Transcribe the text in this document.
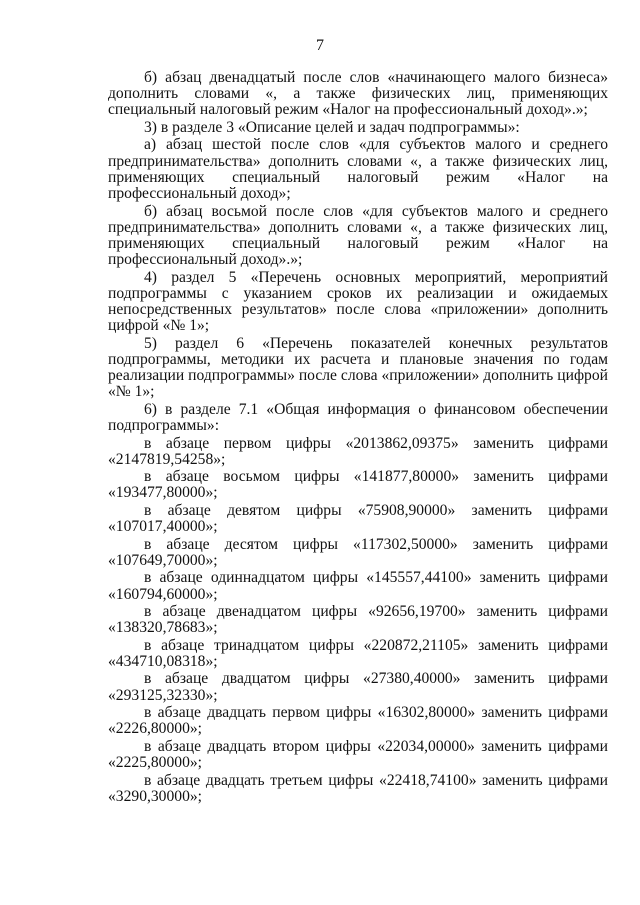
7

б) абзац двенадцатый после слов «начинающего малого бизнеса» дополнить словами «, а также физических лиц, применяющих специальный налоговый режим «Налог на профессиональный доход».»;

3) в разделе 3 «Описание целей и задач подпрограммы»:

а) абзац шестой после слов «для субъектов малого и среднего предпринимательства» дополнить словами «, а также физических лиц, применяющих специальный налоговый режим «Налог на профессиональный доход»;

б) абзац восьмой после слов «для субъектов малого и среднего предпринимательства» дополнить словами «, а также физических лиц, применяющих специальный налоговый режим «Налог на профессиональный доход».»;

4) раздел 5 «Перечень основных мероприятий, мероприятий подпрограммы с указанием сроков их реализации и ожидаемых непосредственных результатов» после слова «приложении» дополнить цифрой «№ 1»;

5) раздел 6 «Перечень показателей конечных результатов подпрограммы, методики их расчета и плановые значения по годам реализации подпрограммы» после слова «приложении» дополнить цифрой «№ 1»;

6) в разделе 7.1 «Общая информация о финансовом обеспечении подпрограммы»:

в абзаце первом цифры «2013862,09375» заменить цифрами «2147819,54258»;

в абзаце восьмом цифры «141877,80000» заменить цифрами «193477,80000»;

в абзаце девятом цифры «75908,90000» заменить цифрами «107017,40000»;

в абзаце десятом цифры «117302,50000» заменить цифрами «107649,70000»;

в абзаце одиннадцатом цифры «145557,44100» заменить цифрами «160794,60000»;

в абзаце двенадцатом цифры «92656,19700» заменить цифрами «138320,78683»;

в абзаце тринадцатом цифры «220872,21105» заменить цифрами «434710,08318»;

в абзаце двадцатом цифры «27380,40000» заменить цифрами «293125,32330»;

в абзаце двадцать первом цифры «16302,80000» заменить цифрами «2226,80000»;

в абзаце двадцать втором цифры «22034,00000» заменить цифрами «2225,80000»;

в абзаце двадцать третьем цифры «22418,74100» заменить цифрами «3290,30000»;
